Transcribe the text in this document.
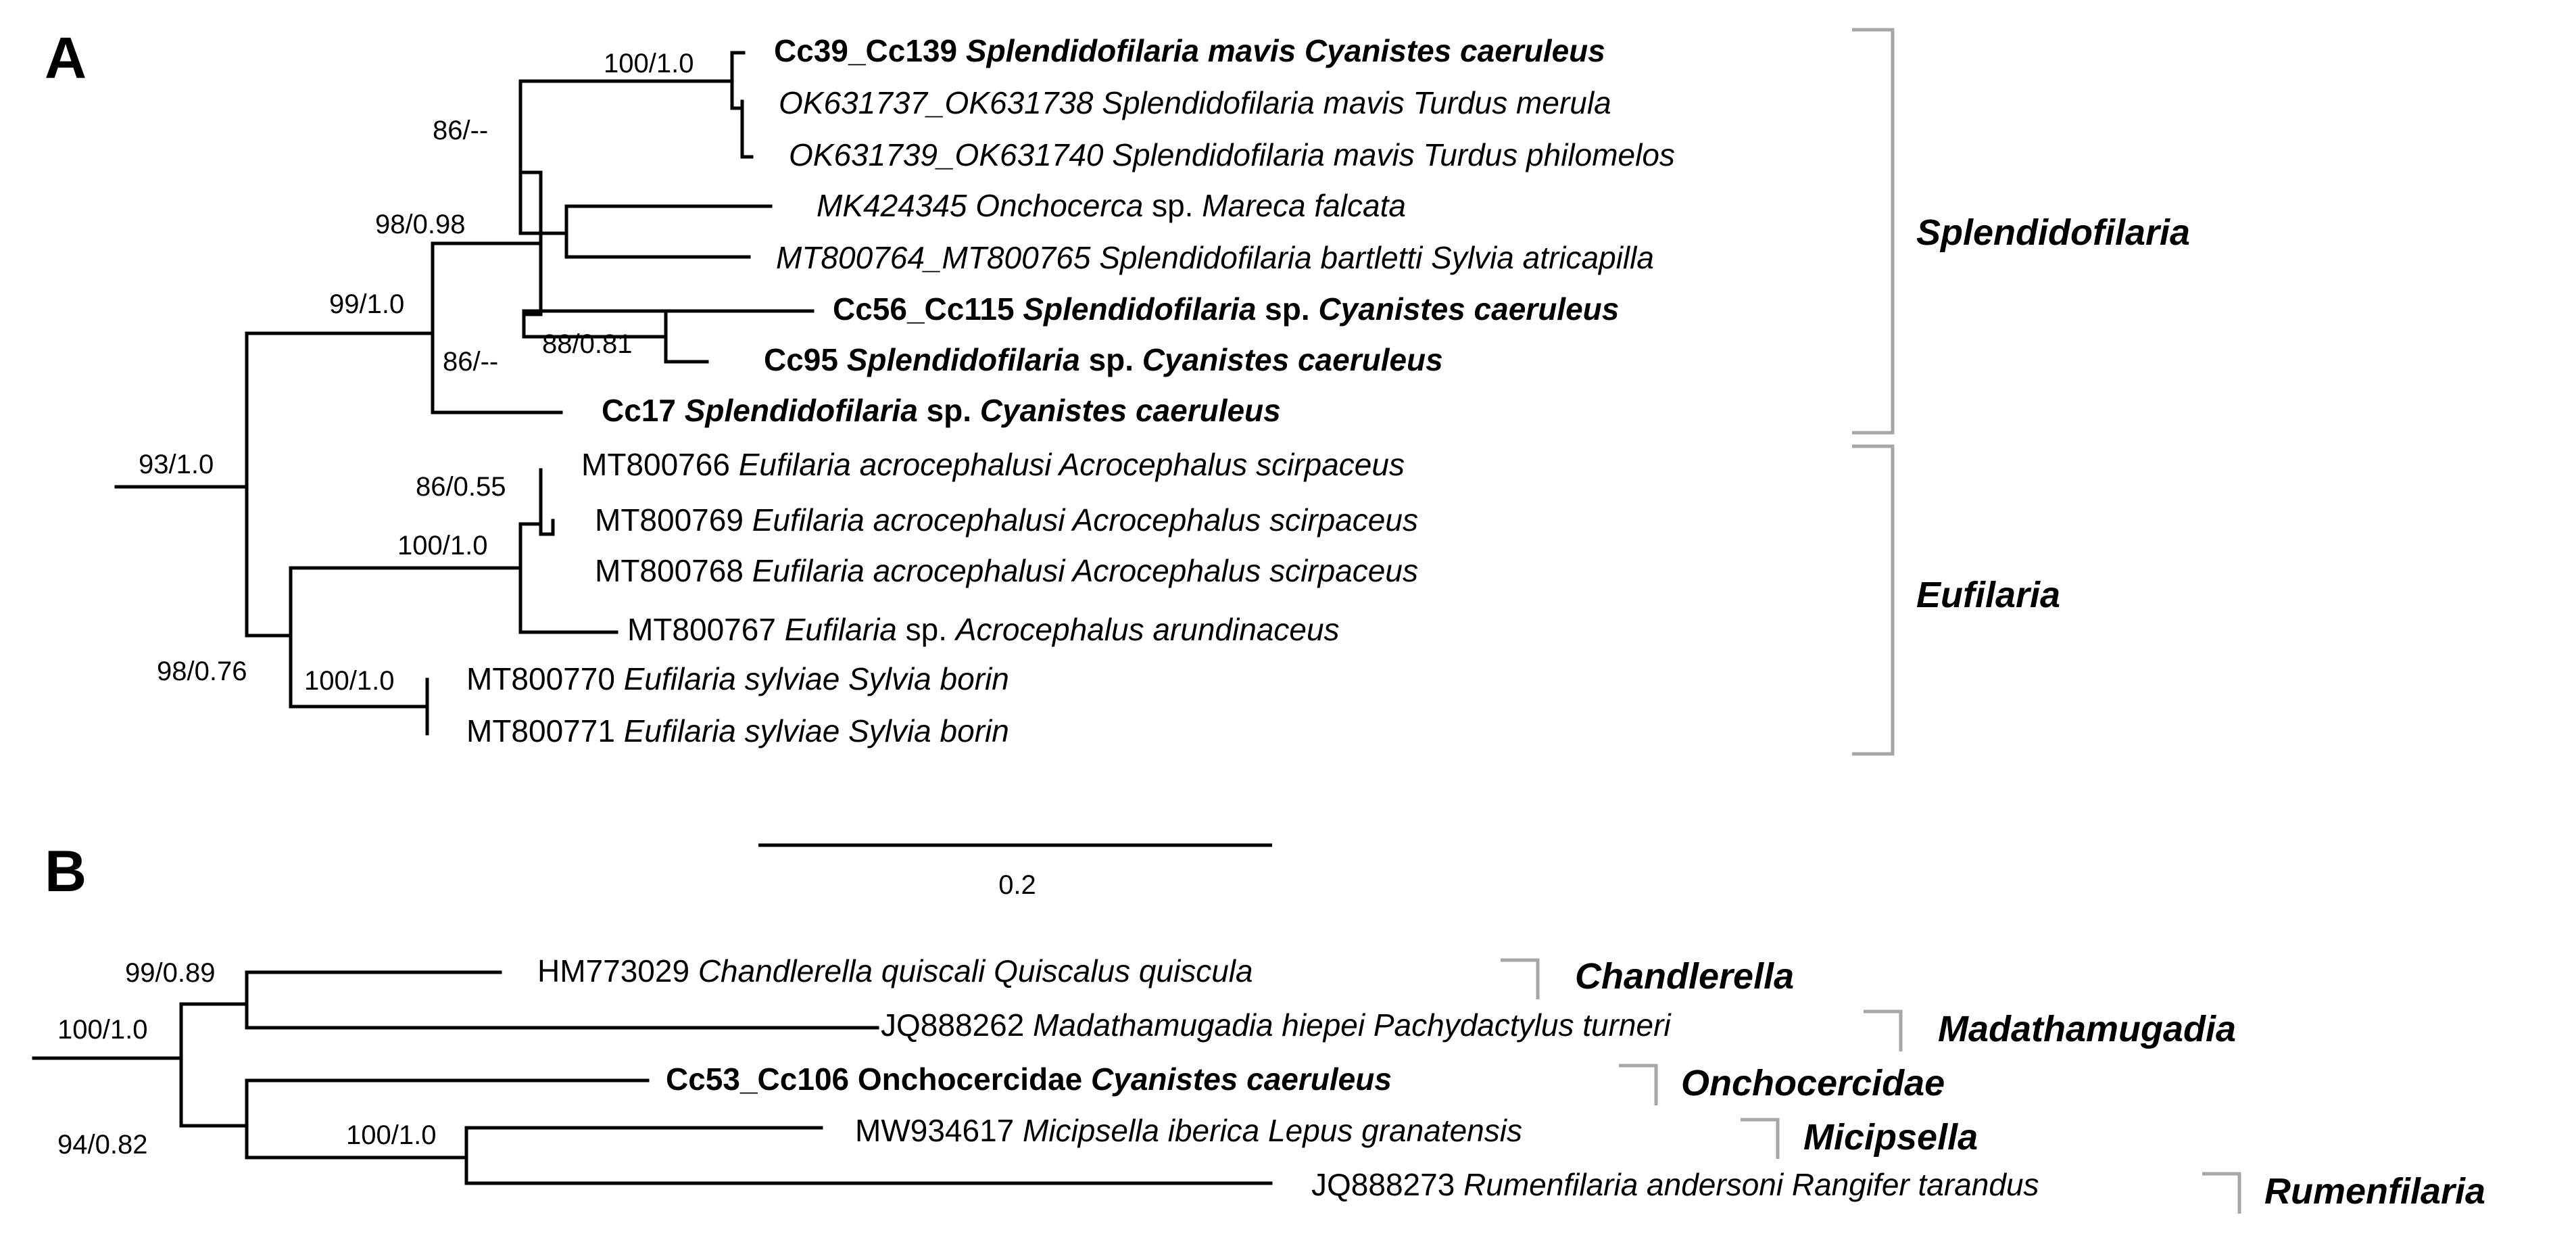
A
B
Cc39_Cc139 Splendidofilaria mavis Cyanistes caeruleus
OK631737_OK631738 Splendidofilaria mavis Turdus merula
OK631739_OK631740 Splendidofilaria mavis Turdus philomelos
MK424345 Onchocerca sp. Mareca falcata
MT800764_MT800765 Splendidofilaria bartletti Sylvia atricapilla
Cc56_Cc115 Splendidofilaria sp. Cyanistes caeruleus
Cc95 Splendidofilaria sp. Cyanistes caeruleus
Cc17 Splendidofilaria sp. Cyanistes caeruleus
MT800766 Eufilaria acrocephalusi Acrocephalus scirpaceus
MT800769 Eufilaria acrocephalusi Acrocephalus scirpaceus
MT800768 Eufilaria acrocephalusi Acrocephalus scirpaceus
MT800767 Eufilaria sp. Acrocephalus arundinaceus
MT800770 Eufilaria sylviae Sylvia borin
MT800771 Eufilaria sylviae Sylvia borin
100/1.0
86/--
98/0.98
99/1.0
88/0.81
86/--
93/1.0
86/0.55
100/1.0
98/0.76 100/1.0
Splendidofilaria
Eufilaria
0.2
HM773029 Chandlerella quiscali Quiscalus quiscula
JQ888262 Madathamugadia hiepei Pachydactylus turneri
Cc53_Cc106 Onchocercidae Cyanistes caeruleus
MW934617 Micipsella iberica Lepus granatensis
JQ888273 Rumenfilaria andersoni Rangifer tarandus
99/0.89
100/1.0
94/0.82	100/1.0
Chandlerella
Madathamugadia
Onchocercidae
Micipsella
Rumenfilaria
